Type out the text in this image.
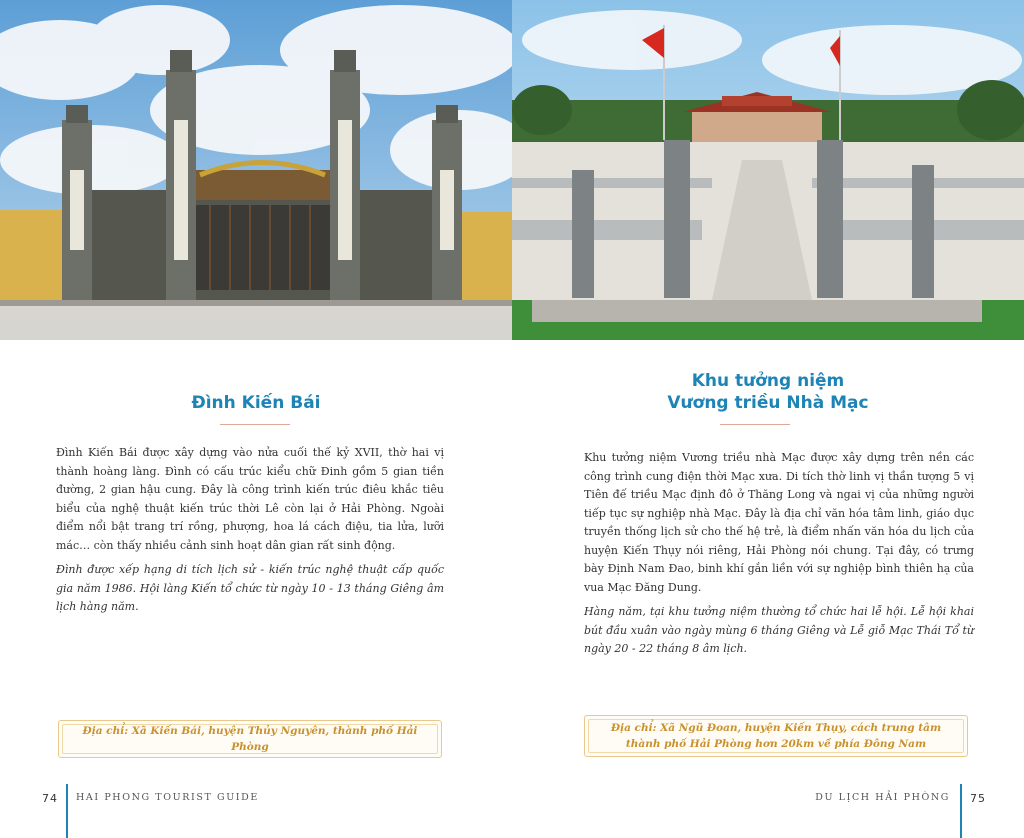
Đình Kiến Bái

Đình Kiến Bái được xây dựng vào nửa cuối thế kỷ XVII, thờ hai vị thành hoàng làng. Đình có cấu trúc kiểu chữ Đinh gồm 5 gian tiền đường, 2 gian hậu cung. Đây là công trình kiến trúc điêu khắc tiêu biểu của nghệ thuật kiến trúc thời Lê còn lại ở Hải Phòng. Ngoài điểm nổi bật trang trí rồng, phượng, hoa lá cách điệu, tia lửa, lưỡi mác… còn thấy nhiều cảnh sinh hoạt dân gian rất sinh động.

Đình được xếp hạng di tích lịch sử - kiến trúc nghệ thuật cấp quốc gia năm 1986. Hội làng Kiến tổ chức từ ngày 10 - 13 tháng Giêng âm lịch hàng năm.

Địa chỉ: Xã Kiến Bái, huyện Thủy Nguyên, thành phố Hải Phòng
74 HAI PHONG TOURIST GUIDE
Khu tưởng niệm
Vương triều Nhà Mạc

Khu tưởng niệm Vương triều nhà Mạc được xây dựng trên nền các công trình cung điện thời Mạc xưa. Di tích thờ linh vị thần tượng 5 vị Tiên đế triều Mạc định đô ở Thăng Long và ngai vị của những người tiếp tục sự nghiệp nhà Mạc. Đây là địa chỉ văn hóa tâm linh, giáo dục truyền thống lịch sử cho thế hệ trẻ, là điểm nhấn văn hóa du lịch của huyện Kiến Thụy nói riêng, Hải Phòng nói chung. Tại đây, có trưng bày Định Nam Đao, binh khí gắn liền với sự nghiệp bình thiên hạ của vua Mạc Đăng Dung.

Hàng năm, tại khu tưởng niệm thường tổ chức hai lễ hội. Lễ hội khai bút đầu xuân vào ngày mùng 6 tháng Giêng và Lễ giỗ Mạc Thái Tổ từ ngày 20 - 22 tháng 8 âm lịch.

Địa chỉ: Xã Ngũ Đoan, huyện Kiến Thụy, cách trung tâm thành phố Hải Phòng hơn 20km về phía Đông Nam
DU LỊCH HẢI PHÒNG 75
